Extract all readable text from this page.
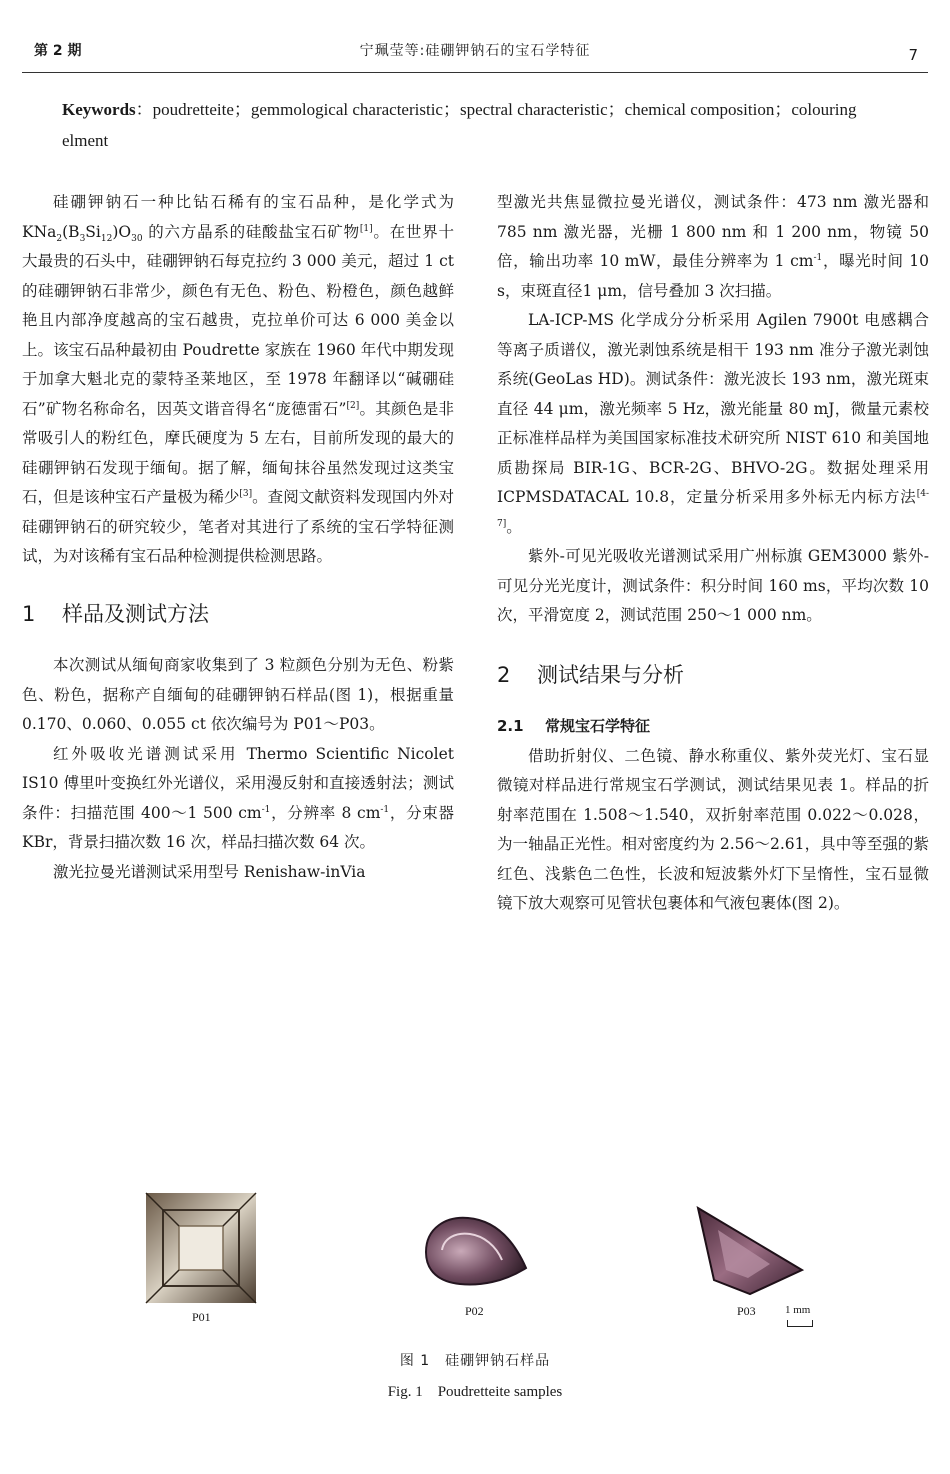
第 2 期	宁珮莹等:硅硼钾钠石的宝石学特征	7
Keywords：poudretteite；gemmological characteristic；spectral characteristic；chemical composition；colouring elment

硅硼钾钠石一种比钻石稀有的宝石品种，是化学式为 $KNa_2(B_3Si_{12})O_{30}$ 的六方晶系的硅酸盐宝石矿物[1]。在世界十大最贵的石头中，硅硼钾钠石每克拉约 3 000 美元，超过 1 ct 的硅硼钾钠石非常少，颜色有无色、粉色、粉橙色，颜色越鲜艳且内部净度越高的宝石越贵，克拉单价可达 6 000 美金以上。该宝石品种最初由 Poudrette 家族在 1960 年代中期发现于加拿大魁北克的蒙特圣莱地区，至 1978 年翻译以“碱硼硅石”矿物名称命名，因英文谐音得名“庞德雷石”[2]。其颜色是非常吸引人的粉红色，摩氏硬度为 5 左右，目前所发现的最大的硅硼钾钠石发现于缅甸。据了解，缅甸抹谷虽然发现过这类宝石，但是该种宝石产量极为稀少[3]。查阅文献资料发现国内外对硅硼钾钠石的研究较少，笔者对其进行了系统的宝石学特征测试，为对该稀有宝石品种检测提供检测思路。

1 样品及测试方法

本次测试从缅甸商家收集到了 3 粒颜色分别为无色、粉紫色、粉色，据称产自缅甸的硅硼钾钠石样品(图 1)，根据重量 0.170、0.060、0.055 ct 依次编号为 P01～P03。

红外吸收光谱测试采用 Thermo Scientific Nicolet IS10 傅里叶变换红外光谱仪，采用漫反射和直接透射法；测试条件：扫描范围 400～1 500 $cm^{-1}$，分辨率 8 $cm^{-1}$，分束器 KBr，背景扫描次数 16 次，样品扫描次数 64 次。

激光拉曼光谱测试采用型号 Renishaw-inVia

型激光共焦显微拉曼光谱仪，测试条件：473 nm 激光器和 785 nm 激光器，光栅 1 800 nm 和 1 200 nm，物镜 50 倍，输出功率 10 mW，最佳分辨率为 1 $cm^{-1}$，曝光时间 10 s，束斑直径1 μm，信号叠加 3 次扫描。

LA-ICP-MS 化学成分分析采用 Agilen 7900t 电感耦合等离子质谱仪，激光剥蚀系统是相干 193 nm 准分子激光剥蚀系统(GeoLas HD)。测试条件：激光波长 193 nm，激光斑束直径 44 μm，激光频率 5 Hz，激光能量 80 mJ，微量元素校正标准样品样为美国国家标准技术研究所 NIST 610 和美国地质勘探局 BIR-1G、BCR-2G、BHVO-2G。数据处理采用ICPMSDATACAL 10.8，定量分析采用多外标无内标方法[4-7]。

紫外-可见光吸收光谱测试采用广州标旗 GEM3000 紫外-可见分光光度计，测试条件：积分时间 160 ms，平均次数 10 次，平滑宽度 2，测试范围 250～1 000 nm。

2 测试结果与分析
2.1 常规宝石学特征

借助折射仪、二色镜、静水称重仪、紫外荧光灯、宝石显微镜对样品进行常规宝石学测试，测试结果见表 1。样品的折射率范围在 1.508～1.540，双折射率范围 0.022～0.028，为一轴晶正光性。相对密度约为 2.56～2.61，具中等至强的紫红色、浅紫色二色性，长波和短波紫外灯下呈惰性，宝石显微镜下放大观察可见管状包裹体和气液包裹体(图 2)。

P01	P02	P03	1 mm
图 1　硅硼钾钠石样品
Fig. 1　Poudretteite samples
